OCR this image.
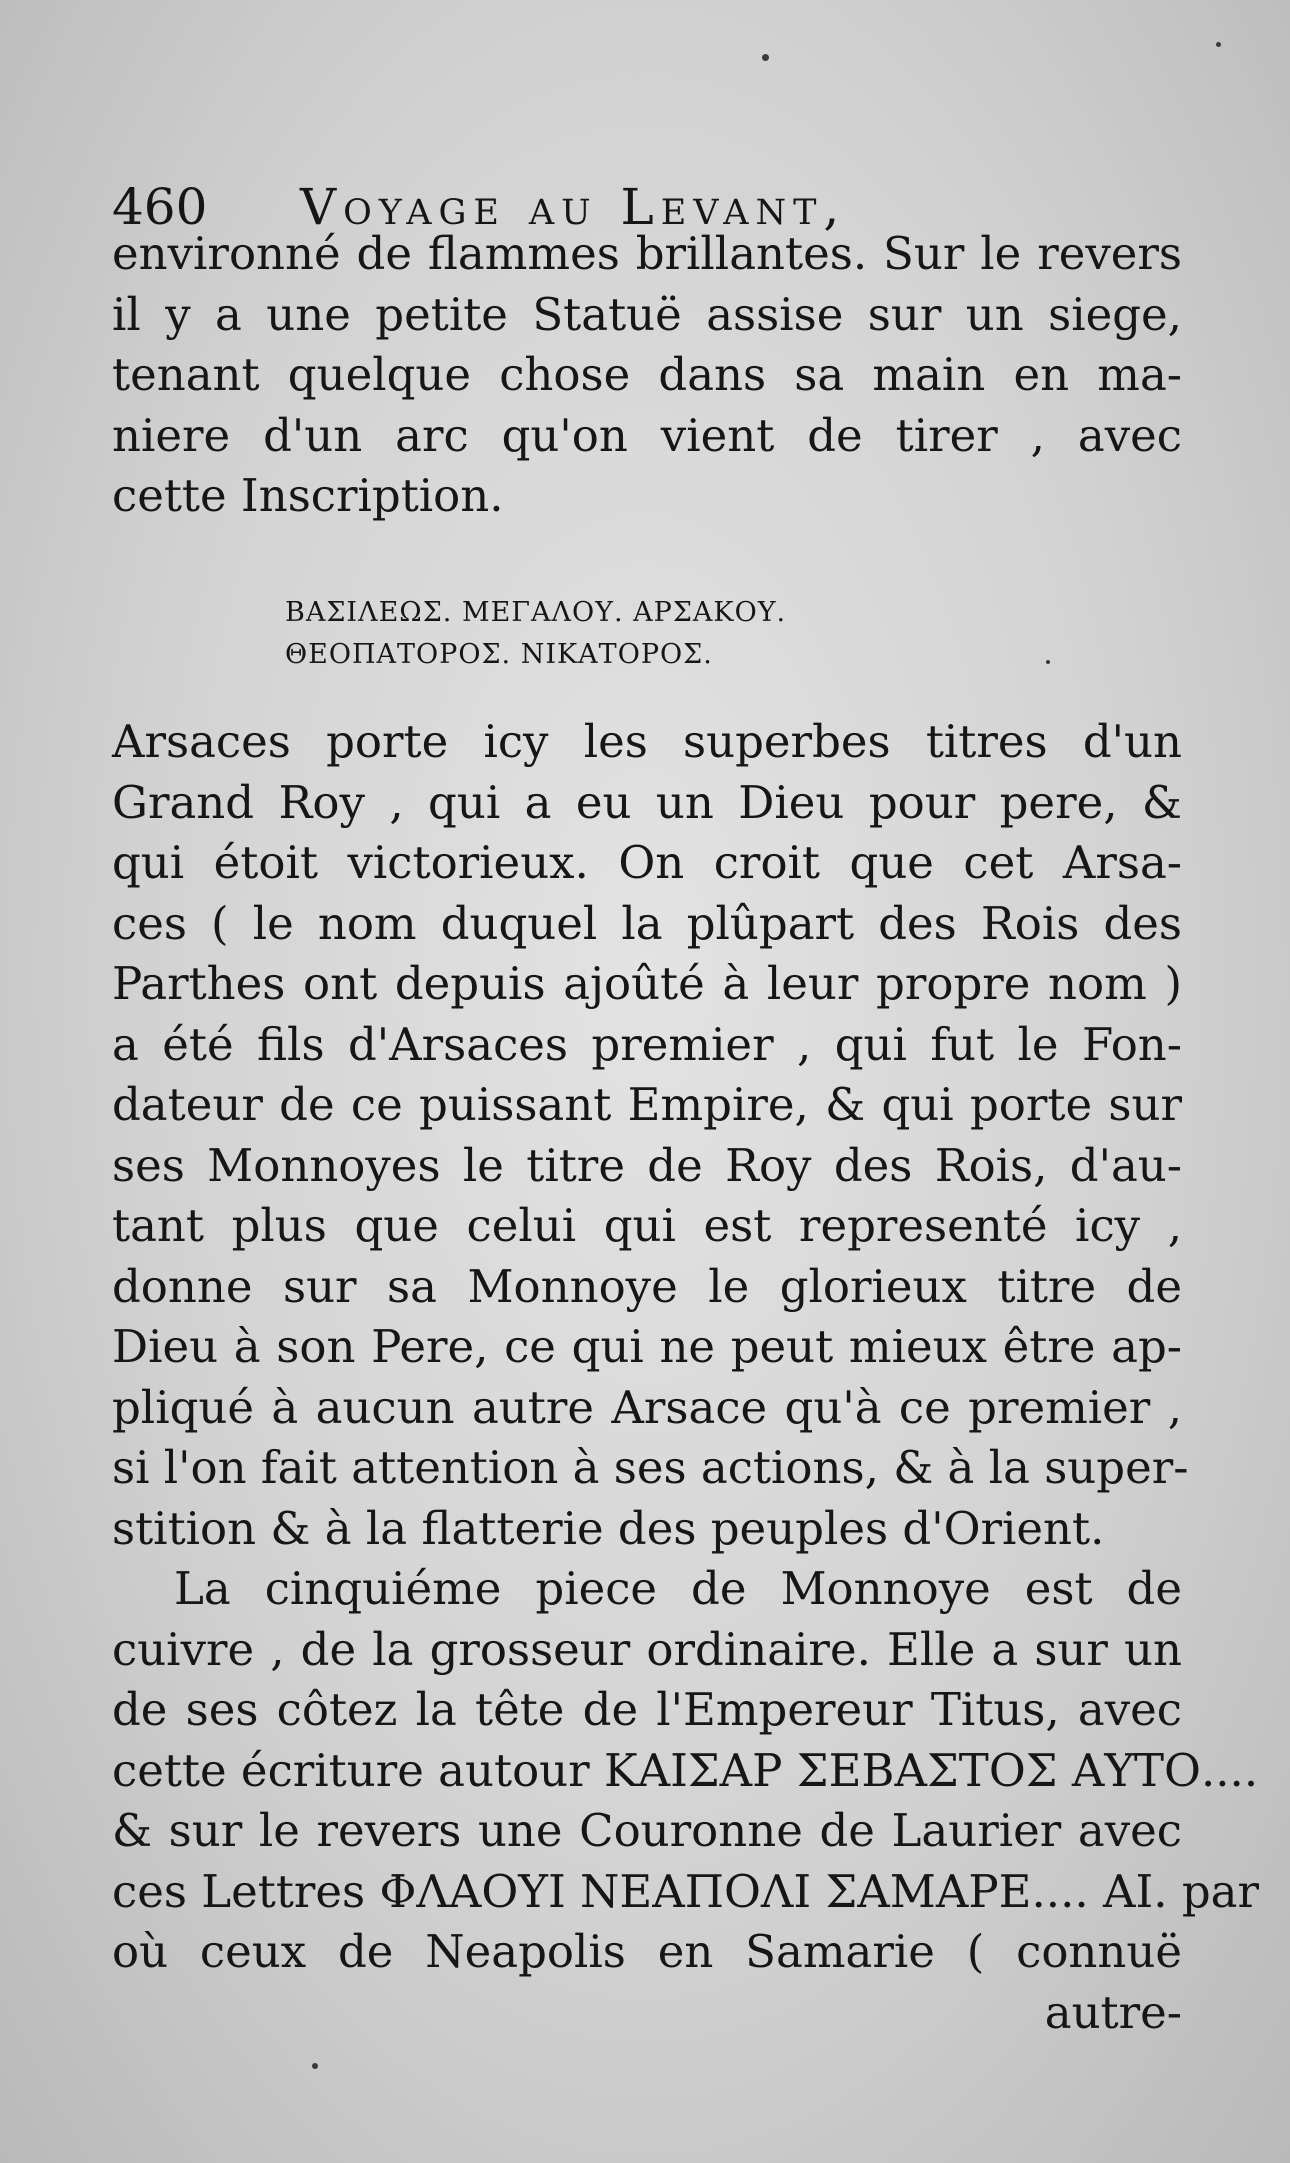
460 Voyage au Levant,
environné de flammes brillantes. Sur le revers
il y a une petite Statuë assise sur un siege,
tenant quelque chose dans sa main en ma-
niere d'un arc qu'on vient de tirer , avec
cette Inscription.
ΒΑΣΙΛΕΩΣ. ΜΕΓΑΛΟΥ. ΑΡΣΑΚΟΥ.
ΘΕΟΠΑΤΟΡΟΣ. ΝΙΚΑΤΟΡΟΣ.
Arsaces porte icy les superbes titres d'un
Grand Roy , qui a eu un Dieu pour pere, &
qui étoit victorieux. On croit que cet Arsa-
ces ( le nom duquel la plûpart des Rois des
Parthes ont depuis ajoûté à leur propre nom )
a été fils d'Arsaces premier , qui fut le Fon-
dateur de ce puissant Empire, & qui porte sur
ses Monnoyes le titre de Roy des Rois, d'au-
tant plus que celui qui est representé icy ,
donne sur sa Monnoye le glorieux titre de
Dieu à son Pere, ce qui ne peut mieux être ap-
pliqué à aucun autre Arsace qu'à ce premier ,
si l'on fait attention à ses actions, & à la super-
stition & à la flatterie des peuples d'Orient.
La cinquiéme piece de Monnoye est de
cuivre , de la grosseur ordinaire. Elle a sur un
de ses côtez la tête de l'Empereur Titus, avec
cette écriture autour ΚΑΙΣΑΡ ΣΕΒΑΣΤΟΣ ΑΥΤΟ....
& sur le revers une Couronne de Laurier avec
ces Lettres ΦΛΑΟΥΙ ΝΕΑΠΟΛΙ ΣΑΜΑΡΕ.... ΑΙ. par
où ceux de Neapolis en Samarie ( connuë
autre-
